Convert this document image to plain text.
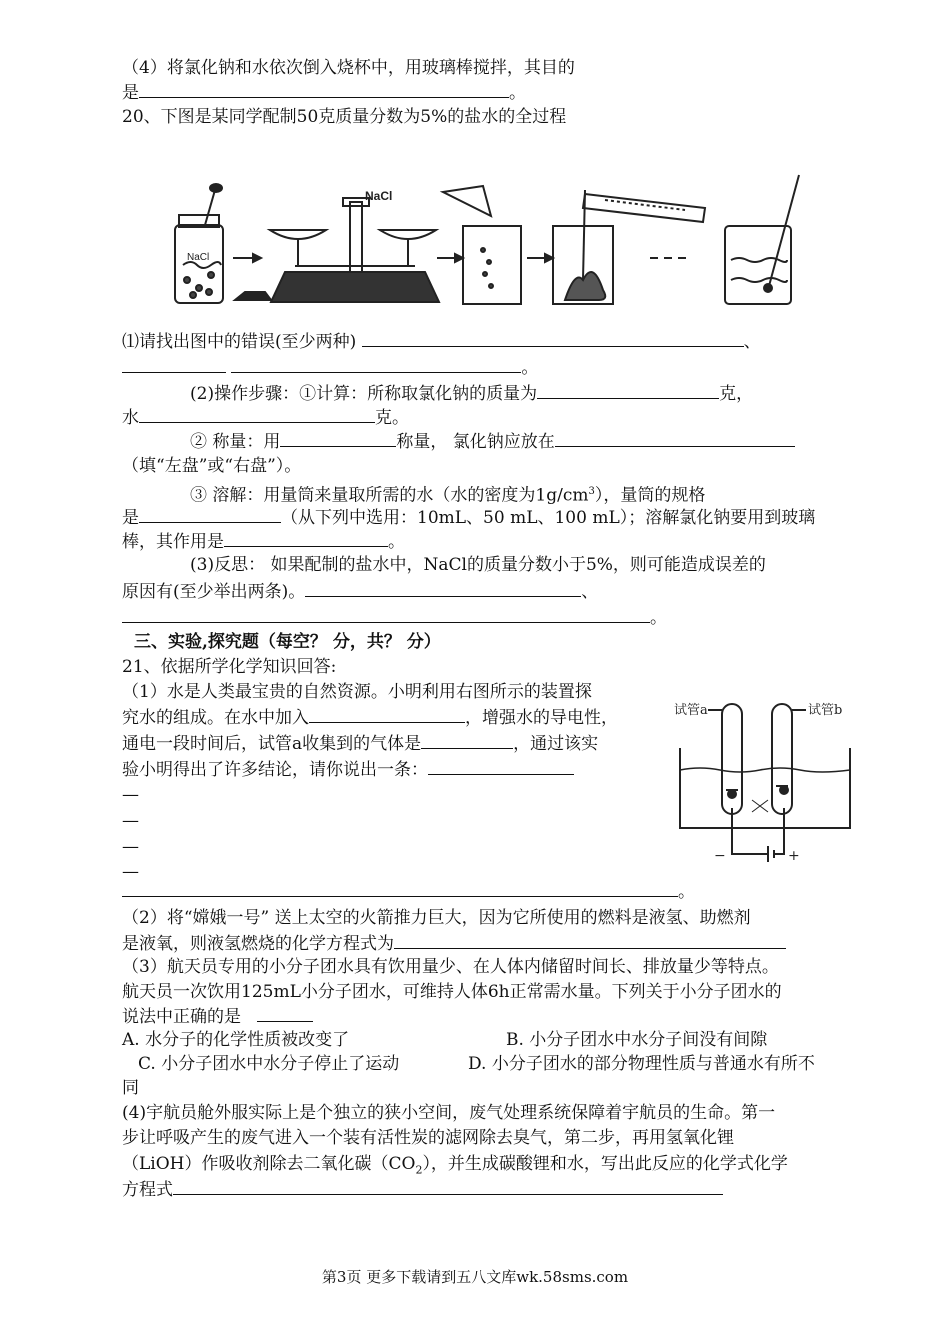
（4）将氯化钠和水依次倒入烧杯中，用玻璃棒搅拌，其目的
是	。
20、下图是某同学配制50克质量分数为5%的盐水的全过程
NaCl
NaCl
⑴请找出图中的错误(至少两种)	、
。
(2)操作步骤：①计算：所称取氯化钠的质量为	克，
水	克。
② 称量：用	称量， 氯化钠应放在
（填“左盘”或“右盘”）。
③ 溶解：用量筒来量取所需的水（水的密度为$1g/cm^3$），量筒的规格
是	（从下列中选用：10mL、50 mL、100 mL）；溶解氯化钠要用到玻璃
棒，其作用是	。
(3)反思： 如果配制的盐水中，NaCl的质量分数小于5%，则可能造成误差的
原因有(至少举出两条)。	、
。
三、实验,探究题（每空？ 分，共？ 分）
21、依据所学化学知识回答:
（1）水是人类最宝贵的自然资源。小明利用右图所示的装置探
究水的组成。在水中加入	，增强水的导电性，
通电一段时间后，试管a收集到的气体是	，通过该实
验小明得出了许多结论，请你说出一条：
—
—
—
—
。
试管a	试管b
−	+
（2）将“嫦娥一号” 送上太空的火箭推力巨大，因为它所使用的燃料是液氢、助燃剂
是液氧，则液氢燃烧的化学方程式为
（3）航天员专用的小分子团水具有饮用量少、在人体内储留时间长、排放量少等特点。
航天员一次饮用125mL小分子团水，可维持人体6h正常需水量。下列关于小分子团水的
说法中正确的是
A. 水分子的化学性质被改变了	B. 小分子团水中水分子间没有间隙
C. 小分子团水中水分子停止了运动	D. 小分子团水的部分物理性质与普通水有所不
同
(4)宇航员舱外服实际上是个独立的狭小空间，废气处理系统保障着宇航员的生命。第一
步让呼吸产生的废气进入一个装有活性炭的滤网除去臭气，第二步，再用氢氧化锂
（LiOH）作吸收剂除去二氧化碳$(CO_2)$，并生成碳酸锂和水，写出此反应的化学式化学
方程式
第3页 更多下载请到五八文库wk.58sms.com
